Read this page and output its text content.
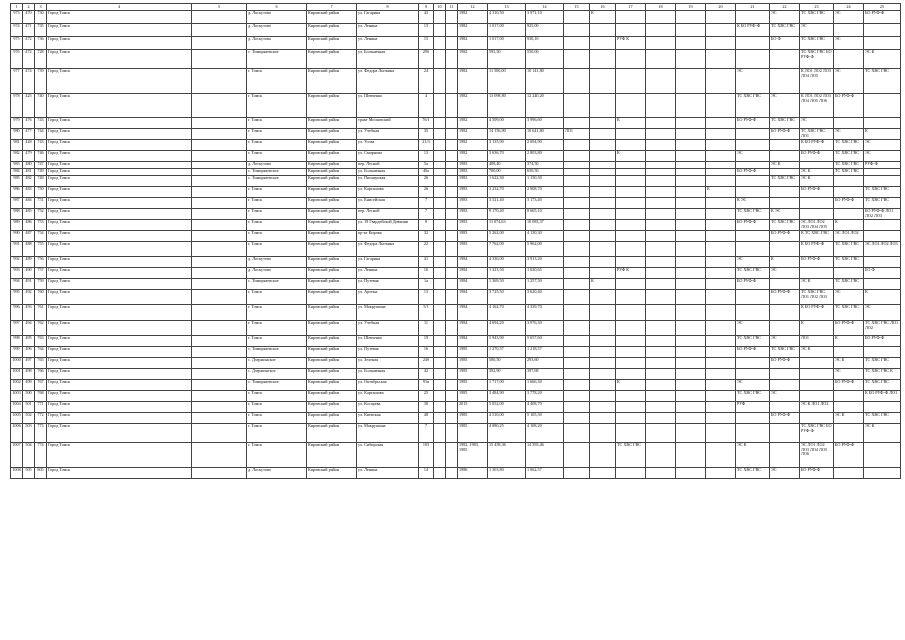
1	2	3	4	5	6	7	8	9	10	11	12	13	14	15	16	17	18	19	20	21	22	23	24	25
973	470	730	Город Томск		д. Лоскутово	Кировский район	ул. Гагарина	43			1982	4 310,50	3 971,10		К						ЭС	ТС ХВС ГВС	ЭС	БО РУФ-Ф
974	471	735	Город Томск		д. Лоскутово	Кировский район	ул. Ленина	13			1982	1 017,00	925,00							К БО РУФ-Ф	ТС ХВС ГВС	ЭС		
975	472	736	Город Томск		д. Лоскутово	Кировский район	ул. Ленина	15			1982	1 017,00	930,10			РУФ К					БО Ф	ТС ХВС ГВС	ЭС	
976	472	728	Город Томск		с. Тимирязевское	Кировский район	ул. Больничная	29б			1982	595,50	550,00									ТС ХВС ГВС БО РУФ-Ф		ЭС К
977	474	739	Город Томск		г. Томск	Кировский район	ул. Федора Лыткина	24			1982	11 500,00	10 141,80							ЭС		К ЛО1 ЛО2 ЛО3 ЛО4 ЛО5	ЭС	ТС ХВС ГВС
978	425	740	Город Томск		г. Томск	Кировский район	ул. Шевченко	4			1982	13 098,80	12 240,20							ТС ХВС ГВС	ЭС	К ЛО1 ЛО2 ЛО3 ЛО4 ЛО5 ЛО6	БО РУФ-Ф	
979	476	743	Город Томск		г. Томск	Кировский район	тракт Московский	76/1			1982	4 509,00	3 996,60			К				БО РУФ-Ф	ТС ХВС ГВС	ЭС		
980	477	744	Город Томск		г. Томск	Кировский район	ул. Учебная	35			1982	14 156,90	10 641,80	ЛО1							БО РУФ-Ф	ТС ХВС ГВС ЛО1	ЭС	К
981	428	743	Город Томск		г. Томск	Кировский район	ул. Усова	21/3			1982	3 135,90	2 694,90									К БО РУФ-Ф	ТС ХВС ГВС	ЭС
982	479	746	Город Томск		г. Томск	Кировский район	ул. Смирнова	13			1982	3 636,70	2 803,80			К				ЭС		БО РУФ-Ф	ТС ХВС ГВС	ЭС
983	480	747	Город Томск		д. Лоскутово	Кировский район	пер. Лесной	5а			1983	408,40	374,50								ЭС К		ТС ХВС ГВС	РУФ-Ф
984	481	749	Город Томск		с. Тимирязевское	Кировский район	ул. Больничная	40а			1983	700,00	650,50							БО РУФ-Ф		ЭС К	ТС ХВС ГВС	
985	482	749	Город Томск		с. Тимирязевское	Кировский район	ул. Пионерская	26			1983	1 622,30	1 150,30								ТС ХВС ГВС	ЭС К		
986	483	750	Город Томск		г. Томск	Кировский район	ул. Карташова	26			1983	3 232,70	2 908,70						К			БО РУФ-Ф		ТС ХВС ГВС
987	484	751	Город Томск		г. Томск	Кировский район	ул. Енисейская	7			1983	3 521,40	3 173,40							К ЭС			БО РУФ-Ф	ТС ХВС ГВС
988	485	752	Город Томск		г. Томск	Кировский район	пер. Лесной	7			1983	9 170,40	8 665,10							ТС ХВС ГВС	К ЭС			БО РУФ-Ф ЛО1 ЛО2 ЛО3
989	486	753	Город Томск		г. Томск	Кировский район	ул. 19 Гвардейской Дивизии	9			1983	11 074,63	10 083,37							БО РУФ-Ф	ТС ХВС ГВС	ЭС ЛО1 ЛО2 ЛО3 ЛО4 ЛО5	К	
990	487	754	Город Томск		г. Томск	Кировский район	пр-кт Кирова	32			1983	5 262,00	4 130,30								БО РУФ-Ф	К ТС ХВС ГВС	ЭС ЛО1 ЛО2	
991	488	755	Город Томск		г. Томск	Кировский район	ул. Федора Лыткина	22			1983	7 762,00	5 962,00									К БО РУФ-Ф	ТС ХВС ГВС	ЭС ЛО1 ЛО2 ЛО3
992	489	756	Город Томск		д. Лоскутово	Кировский район	ул. Гагарина	41			1984	4 330,00	3 913,20							ЭС	К	БО РУФ-Ф	ТС ХВС ГВС	
993	490	757	Город Томск		д. Лоскутово	Кировский район	ул. Ленина	16			1984	1 323,50	1 020,65			РУФ К				ТС ХВС ГВС	ЭС			БО Ф
994	491	759	Город Томск		с. Тимирязевское	Кировский район	ул. Путевая	1а			1984	1 369,50	1 257,50		К					БО РУФ-Ф		ЭС К	ТС ХВС ГВС	
995	492	760	Город Томск		г. Томск	Кировский район	ул. Артема	13			1984	3 725,50	3 620,40								БО РУФ-Ф	ТС ХВС ГВС ЛО1 ЛО2 ЛО3	ЭС	К
996	493	761	Город Томск		г. Томск	Кировский район	ул. Мокрушина	5/1			1984	4 162,70	4 339,70									К БО РУФ-Ф	ТС ХВС ГВС	ЭС
997	494	762	Город Томск		г. Томск	Кировский район	ул. Учебная	11			1984	4 694,20	3 976,30							ЭС		К	БО РУФ-Ф	ТС ХВС ГВС ЛО1 ЛО2
998	495	763	Город Томск		г. Томск	Кировский район	ул. Шевченко	19			1984	5 943,90	5 657,60							ТС ХВС ГВС	ЭС	ЛО1	К	БО РУФ-Ф
999	496	764	Город Томск		с. Тимирязевское	Кировский район	ул. Путевая	16			1985	1 270,57	1 218,57							БО РУФ-Ф	ТС ХВС ГВС	ЭС К		
1000	497	765	Город Томск		с. Дзержинское	Кировский район	ул. Зеленая	24б			1985	580,50	293,60								БО РУФ-Ф		ЭС К	ТС ХВС ГВС
1001	498	766	Город Томск		с. Дзержинское	Кировский район	ул. Больничная	42			1985	392,90	397,68										ЭС	ТС ХВС ГВС К
1002	499	767	Город Томск		с. Тимирязевское	Кировский район	ул. Октябрьская	91в			1985	1 717,00	1 666,30			К				ЭС			БО РУФ-Ф	ТС ХВС ГВС
1003	500	768	Город Томск		г. Томск	Кировский район	ул. Карташова	25			1985	3 484,90	3 778,20							ТС ХВС ГВС	ЭС			К БО РУФ-Ф ЛО1
1004	501	771	Город Томск		г. Томск	Кировский район	ул. Косарева	30			2015	5 052,00	4 408,70							РУФ		ЭС К ЛО1 ЛО2		
1005	502	772	Город Томск		г. Томск	Кировский район	ул. Киевская	48			1985	4 510,00	5 105,30								БО РУФ-Ф		ЭС К	ТС ХВС ГВС
1006	503	773	Город Томск		г. Томск	Кировский район	ул. Мокрушина	7			1985	4 080,25	4 108,20									ТС ХВС ГВС БО РУФ-Ф		ЭС К
1007	504	774	Город Томск		г. Томск	Кировский район	ул. Сибирская	103			1982, 1983, 1985	15 458,36	14 393,46			ТС ХВС ГВС				ЭС К		ЭС ЛО1 ЛО2 ЛО3 ЛО4 ЛО5 ЛО6	БО РУФ-Ф	
1008	505	805	Город Томск		д. Лоскутово	Кировский район	ул. Ленина	14			1986	1 303,80	1 062,57							ТС ХВС ГВС	ЭС	БО РУФ-Ф		
